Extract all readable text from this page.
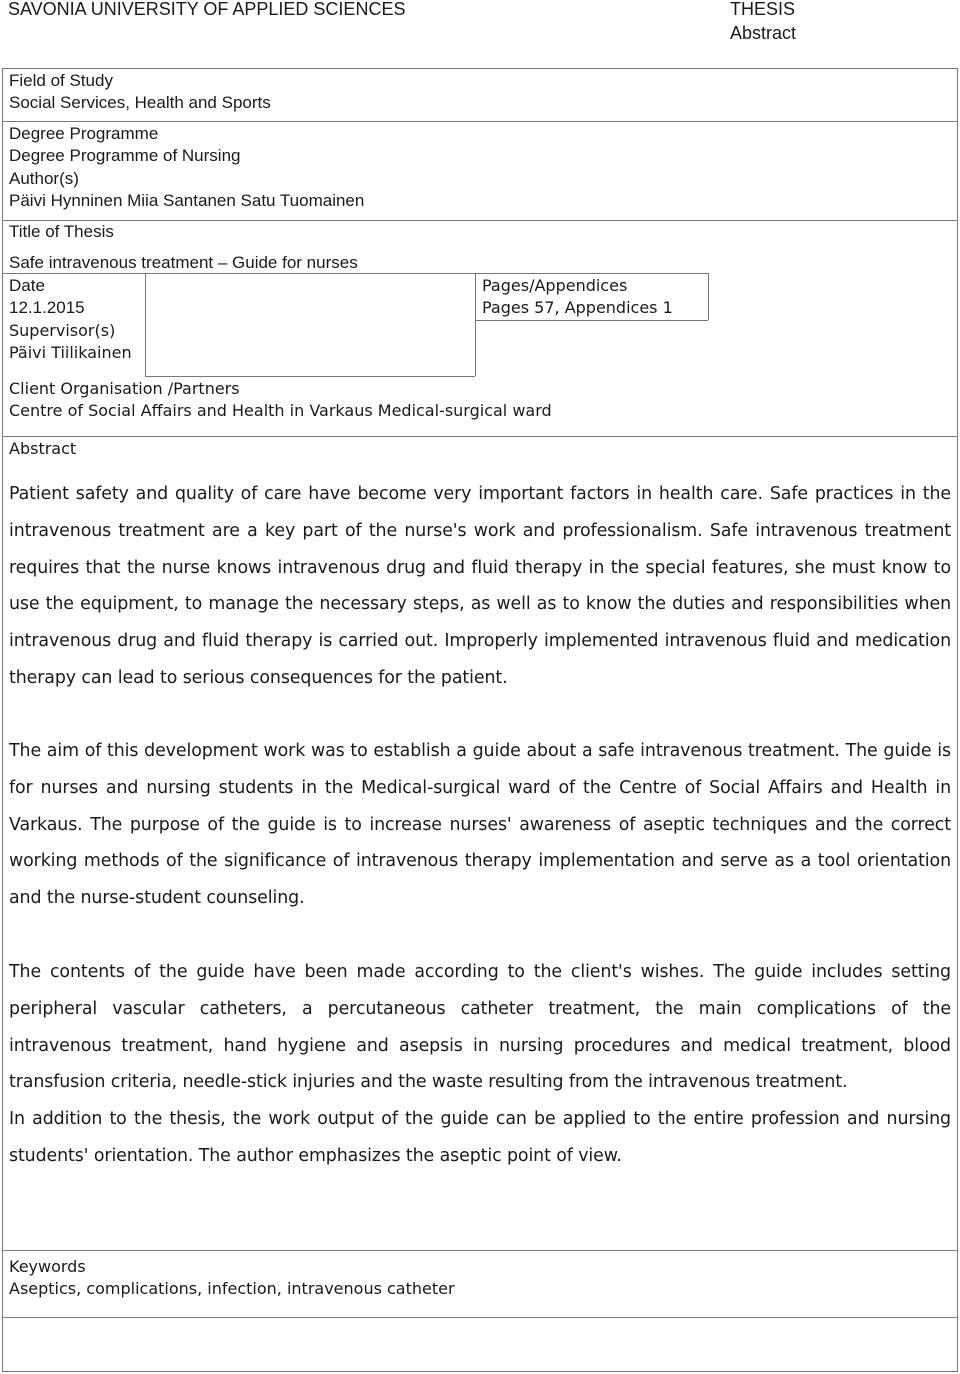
SAVONIA UNIVERSITY OF APPLIED SCIENCES	THESIS
Abstract
Field of Study
Social Services, Health and Sports
Degree Programme
Degree Programme of Nursing
Author(s)
Päivi Hynninen Miia Santanen Satu Tuomainen
Title of Thesis
Safe intravenous treatment – Guide for nurses
Date
12.1.2015
Pages/Appendices
Pages 57, Appendices 1
Supervisor(s)
Päivi Tiilikainen
Client Organisation /Partners
Centre of Social Affairs and Health in Varkaus Medical-surgical ward
Abstract
Patient safety and quality of care have become very important factors in health care. Safe practices in the intravenous treatment are a key part of the nurse's work and professionalism. Safe intravenous treatment requires that the nurse knows intravenous drug and fluid therapy in the special features, she must know to use the equipment, to manage the necessary steps, as well as to know the duties and responsibilities when intravenous drug and fluid therapy is carried out. Improperly implemented intravenous fluid and medication therapy can lead to serious consequences for the patient.
The aim of this development work was to establish a guide about a safe intravenous treatment. The guide is for nurses and nursing students in the Medical-surgical ward of the Centre of Social Affairs and Health in Varkaus. The purpose of the guide is to increase nurses' awareness of aseptic techniques and the correct working methods of the significance of intravenous therapy implementation and serve as a tool orientation and the nurse-student counseling.
The contents of the guide have been made according to the client's wishes. The guide includes setting peripheral vascular catheters, a percutaneous catheter treatment, the main complications of the intravenous treatment, hand hygiene and asepsis in nursing procedures and medical treatment, blood transfusion criteria, needle-stick injuries and the waste resulting from the intravenous treatment.
In addition to the thesis, the work output of the guide can be applied to the entire profession and nursing students' orientation. The author emphasizes the aseptic point of view.
Keywords
Aseptics, complications, infection, intravenous catheter
